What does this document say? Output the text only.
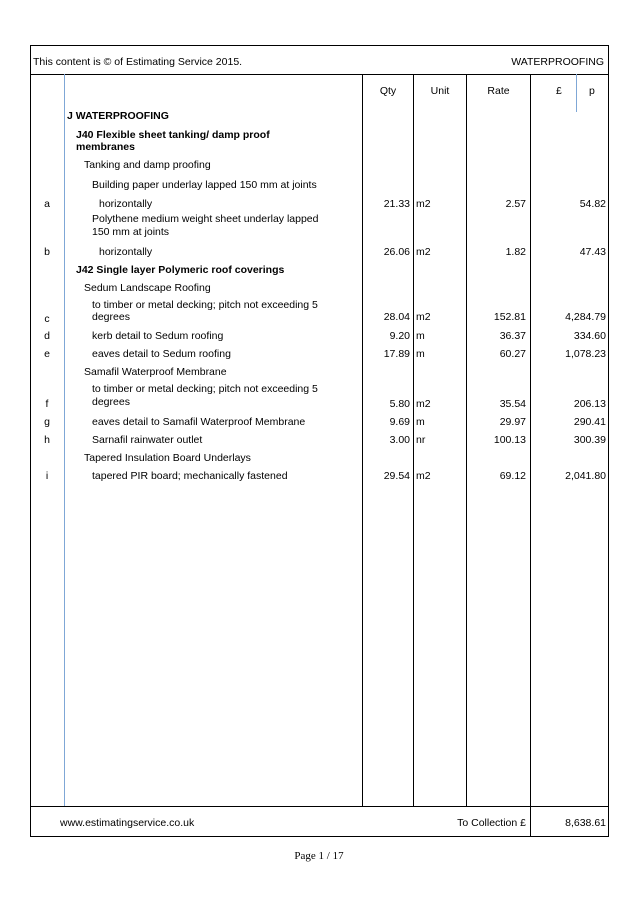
This content is © of Estimating Service 2015.	WATERPROOFING
Qty	Unit	Rate	£	p
J WATERPROOFING
J40 Flexible sheet tanking/ damp proof
membranes
Tanking and damp proofing
Building paper underlay lapped 150 mm at joints
a	horizontally	21.33 m2	2.57	54.82
Polythene medium weight sheet underlay lapped
150 mm at joints
b	horizontally	26.06 m2	1.82	47.43
J42 Single layer Polymeric roof coverings
Sedum Landscape Roofing
to timber or metal decking; pitch not exceeding 5
c	degrees	28.04 m2	152.81	4,284.79
d	kerb detail to Sedum roofing	9.20 m	36.37	334.60
e	eaves detail to Sedum roofing	17.89 m	60.27	1,078.23
Samafil Waterproof Membrane
to timber or metal decking; pitch not exceeding 5
f	degrees	5.80 m2	35.54	206.13
g	eaves detail to Samafil Waterproof Membrane	9.69 m	29.97	290.41
h	Sarnafil rainwater outlet	3.00 nr	100.13	300.39
Tapered Insulation Board Underlays
i	tapered PIR board; mechanically fastened	29.54 m2	69.12	2,041.80
www.estimatingservice.co.uk	To Collection £	8,638.61
Page 1 / 17
